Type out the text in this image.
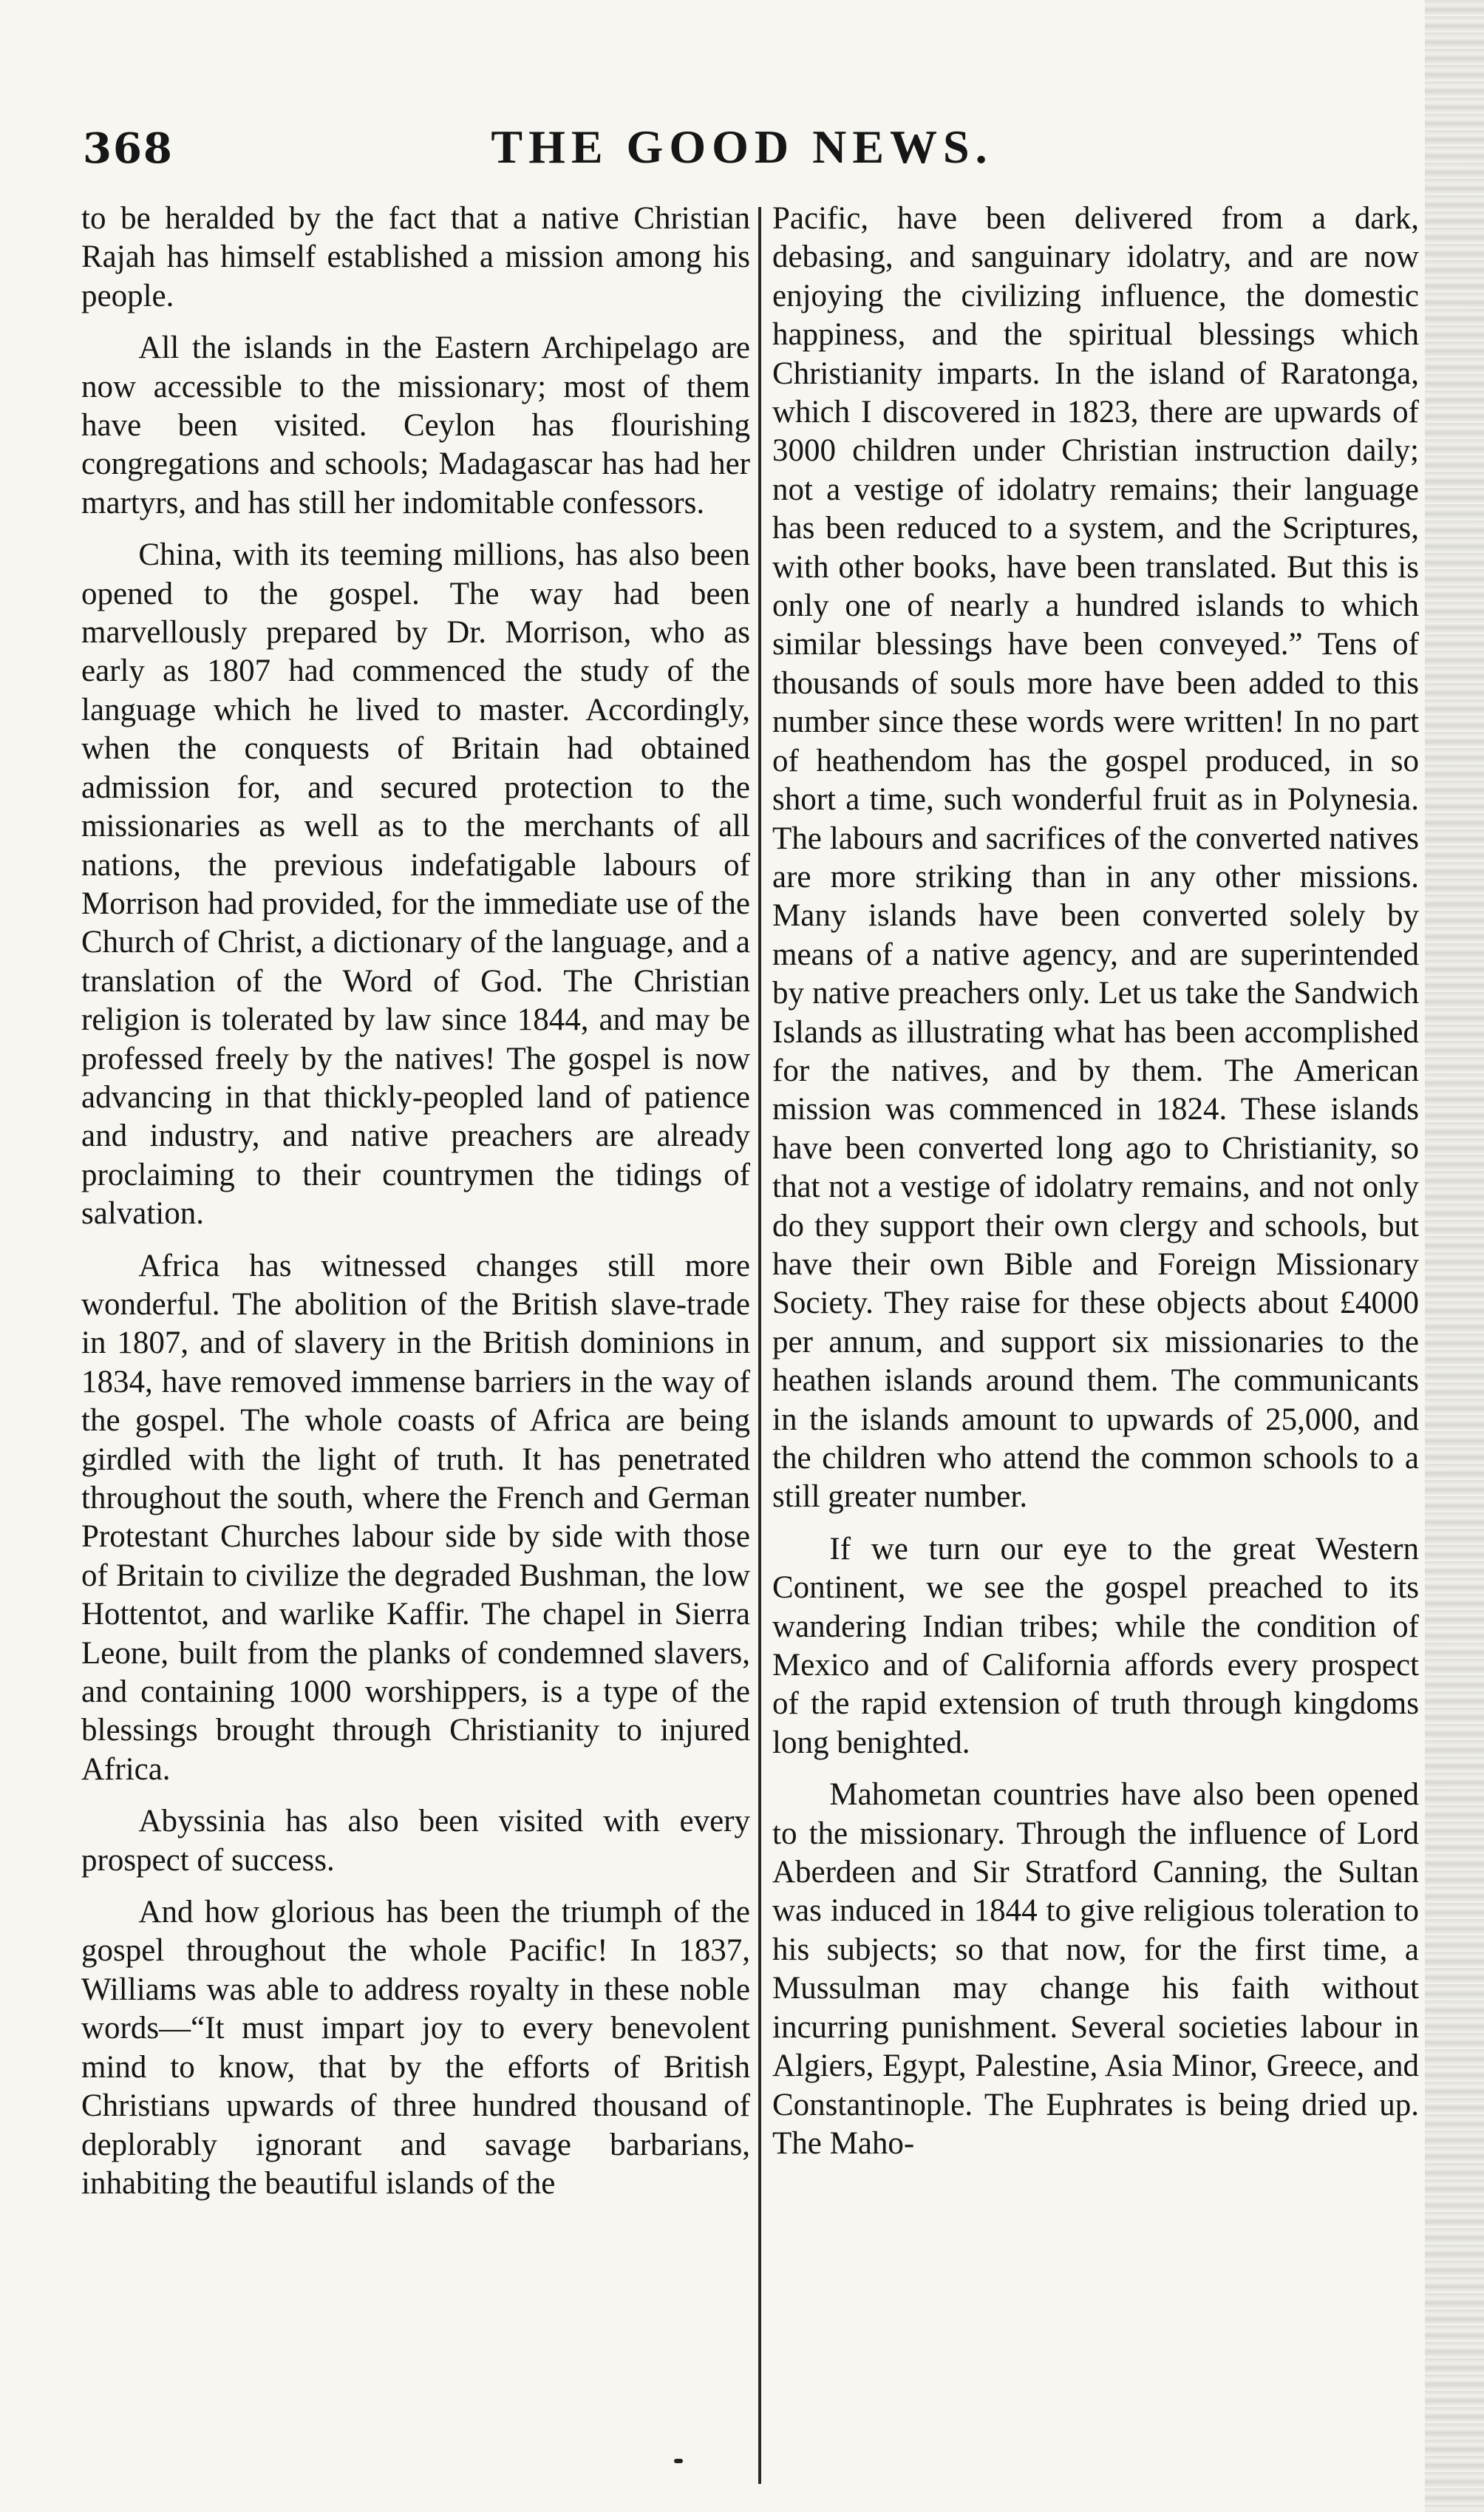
368	THE GOOD NEWS.

to be heralded by the fact that a native Christian Rajah has himself established a mission among his people.

All the islands in the Eastern Archipelago are now accessible to the missionary; most of them have been visited. Ceylon has flourishing congregations and schools; Madagascar has had her martyrs, and has still her indomitable confessors.

China, with its teeming millions, has also been opened to the gospel. The way had been marvellously prepared by Dr. Morrison, who as early as 1807 had commenced the study of the language which he lived to master. Accordingly, when the conquests of Britain had obtained admission for, and secured protection to the missionaries as well as to the merchants of all nations, the previous indefatigable labours of Morrison had provided, for the immediate use of the Church of Christ, a dictionary of the language, and a translation of the Word of God. The Christian religion is tolerated by law since 1844, and may be professed freely by the natives! The gospel is now advancing in that thickly-peopled land of patience and industry, and native preachers are already proclaiming to their countrymen the tidings of salvation.

Africa has witnessed changes still more wonderful. The abolition of the British slave-trade in 1807, and of slavery in the British dominions in 1834, have removed immense barriers in the way of the gospel. The whole coasts of Africa are being girdled with the light of truth. It has penetrated throughout the south, where the French and German Protestant Churches labour side by side with those of Britain to civilize the degraded Bushman, the low Hottentot, and warlike Kaffir. The chapel in Sierra Leone, built from the planks of condemned slavers, and containing 1000 worshippers, is a type of the blessings brought through Christianity to injured Africa.

Abyssinia has also been visited with every prospect of success.

And how glorious has been the triumph of the gospel throughout the whole Pacific! In 1837, Williams was able to address royalty in these noble words—“It must impart joy to every benevolent mind to know, that by the efforts of British Christians upwards of three hundred thousand of deplorably ignorant and savage barbarians, inhabiting the beautiful islands of the

Pacific, have been delivered from a dark, debasing, and sanguinary idolatry, and are now enjoying the civilizing influence, the domestic happiness, and the spiritual blessings which Christianity imparts. In the island of Raratonga, which I discovered in 1823, there are upwards of 3000 children under Christian instruction daily; not a vestige of idolatry remains; their language has been reduced to a system, and the Scriptures, with other books, have been translated. But this is only one of nearly a hundred islands to which similar blessings have been conveyed.” Tens of thousands of souls more have been added to this number since these words were written! In no part of heathendom has the gospel produced, in so short a time, such wonderful fruit as in Polynesia. The labours and sacrifices of the converted natives are more striking than in any other missions. Many islands have been converted solely by means of a native agency, and are superintended by native preachers only. Let us take the Sandwich Islands as illustrating what has been accomplished for the natives, and by them. The American mission was commenced in 1824. These islands have been converted long ago to Christianity, so that not a vestige of idolatry remains, and not only do they support their own clergy and schools, but have their own Bible and Foreign Missionary Society. They raise for these objects about £4000 per annum, and support six missionaries to the heathen islands around them. The communicants in the islands amount to upwards of 25,000, and the children who attend the common schools to a still greater number.

If we turn our eye to the great Western Continent, we see the gospel preached to its wandering Indian tribes; while the condition of Mexico and of California affords every prospect of the rapid extension of truth through kingdoms long benighted.

Mahometan countries have also been opened to the missionary. Through the influence of Lord Aberdeen and Sir Stratford Canning, the Sultan was induced in 1844 to give religious toleration to his subjects; so that now, for the first time, a Mussulman may change his faith without incurring punishment. Several societies labour in Algiers, Egypt, Palestine, Asia Minor, Greece, and Constantinople. The Euphrates is being dried up. The Maho-
